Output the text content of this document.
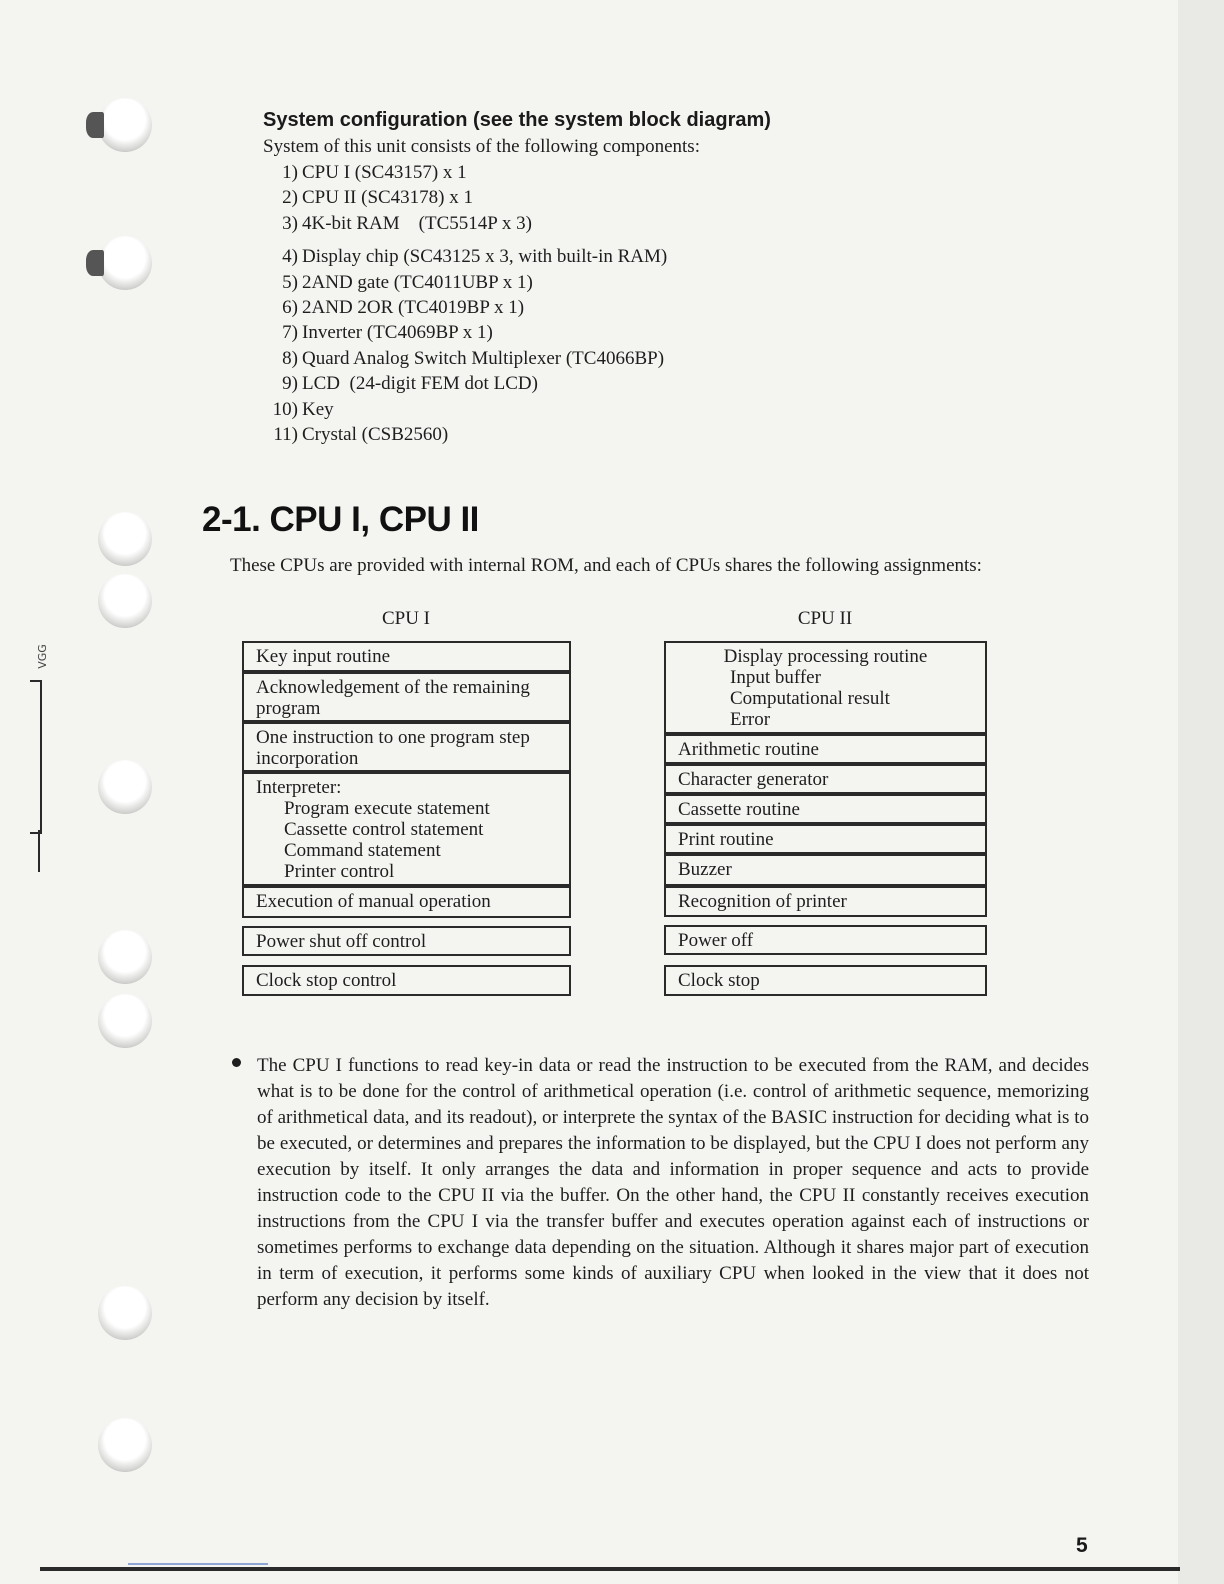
VGG
System configuration (see the system block diagram)
System of this unit consists of the following components:
1) CPU I (SC43157) x 1
2) CPU II (SC43178) x 1
3) 4K-bit RAM    (TC5514P x 3)
4) Display chip (SC43125 x 3, with built-in RAM)
5) 2AND gate (TC4011UBP x 1)
6) 2AND 2OR (TC4019BP x 1)
7) Inverter (TC4069BP x 1)
8) Quard Analog Switch Multiplexer (TC4066BP)
9) LCD  (24-digit FEM dot LCD)
10) Key
11) Crystal (CSB2560)
2-1. CPU I, CPU II
These CPUs are provided with internal ROM, and each of CPUs shares the following assignments:
CPU I	CPU II
Key input routine
Acknowledgement of the remaining
program
One instruction to one program step
incorporation
Interpreter:
Program execute statement
Cassette control statement
Command statement
Printer control
Execution of manual operation
Power shut off control
Clock stop control
Display processing routine
Input buffer
Computational result
Error
Arithmetic routine
Character generator
Cassette routine
Print routine
Buzzer
Recognition of printer
Power off
Clock stop

The CPU I functions to read key-in data or read the instruction to be executed from the RAM, and decides what is to be done for the control of arithmetical operation (i.e. control of arithmetic sequence, memorizing of arithmetical data, and its readout), or interprete the syntax of the BASIC instruction for deciding what is to be executed, or determines and prepares the information to be displayed, but the CPU I does not perform any execution by itself. It only arranges the data and information in proper sequence and acts to provide instruction code to the CPU II via the buffer. On the other hand, the CPU II constantly receives execution instructions from the CPU I via the transfer buffer and executes operation against each of instructions or sometimes performs to exchange data depending on the situation. Although it shares major part of execution in term of execution, it performs some kinds of auxiliary CPU when looked in the view that it does not perform any decision by itself.

5
